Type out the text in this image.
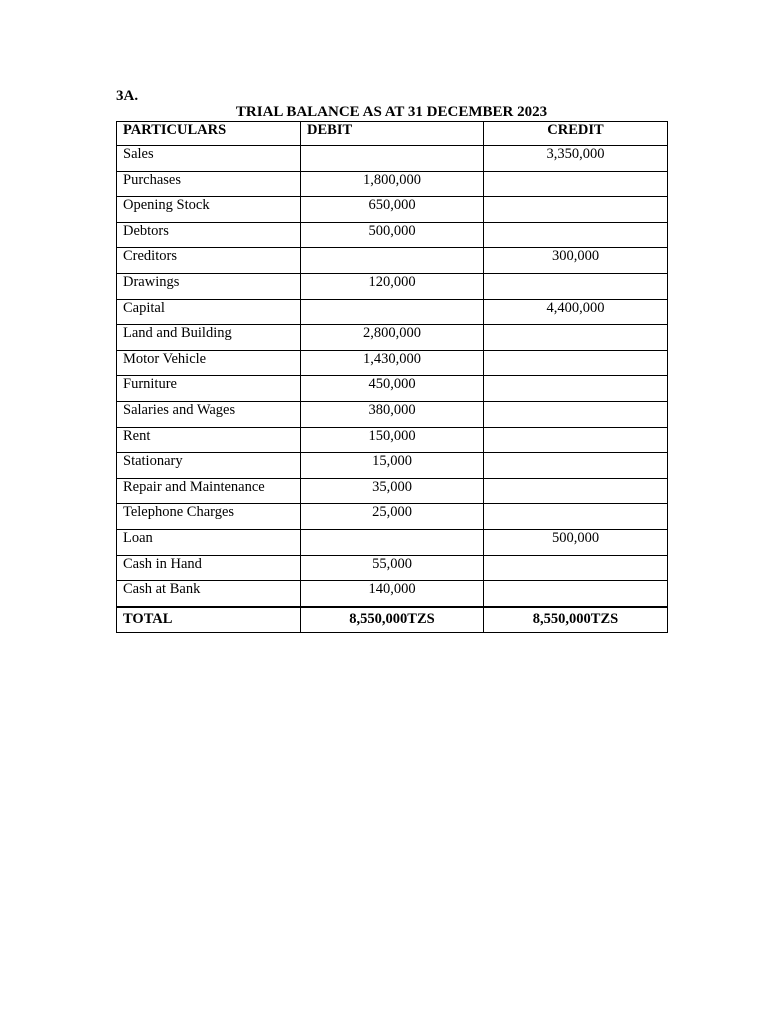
3A.
TRIAL BALANCE AS AT 31 DECEMBER 2023
PARTICULARS	DEBIT	CREDIT
Sales		3,350,000
Purchases	1,800,000	
Opening Stock	650,000	
Debtors	500,000	
Creditors		300,000
Drawings	120,000	
Capital		4,400,000
Land and Building	2,800,000	
Motor Vehicle	1,430,000	
Furniture	450,000	
Salaries and Wages	380,000	
Rent	150,000	
Stationary	15,000	
Repair and Maintenance	35,000	
Telephone Charges	25,000	
Loan		500,000
Cash in Hand	55,000	
Cash at Bank	140,000	
TOTAL	8,550,000TZS	8,550,000TZS
